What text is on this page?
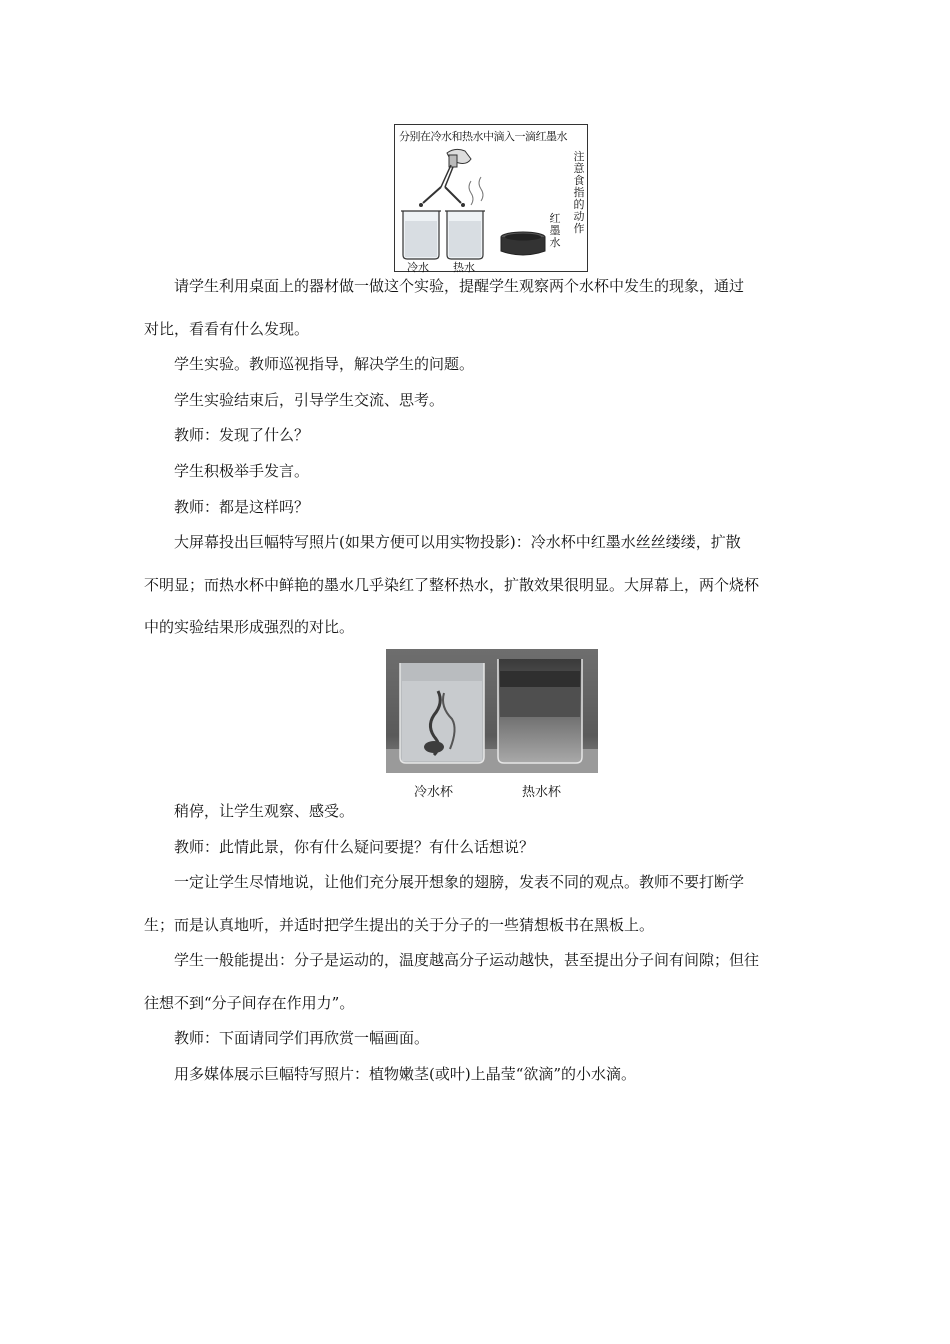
分别在冷水和热水中滴入一滴红墨水
注意食指的动作
红墨水
冷水 热水

请学生利用桌面上的器材做一做这个实验，提醒学生观察两个水杯中发生的现象，通过

对比，看看有什么发现。

学生实验。教师巡视指导，解决学生的问题。

学生实验结束后，引导学生交流、思考。

教师：发现了什么？

学生积极举手发言。

教师：都是这样吗？

大屏幕投出巨幅特写照片(如果方便可以用实物投影)：冷水杯中红墨水丝丝缕缕，扩散

不明显；而热水杯中鲜艳的墨水几乎染红了整杯热水，扩散效果很明显。大屏幕上，两个烧杯

中的实验结果形成强烈的对比。

冷水杯	热水杯

稍停，让学生观察、感受。

教师：此情此景，你有什么疑问要提？有什么话想说？

一定让学生尽情地说，让他们充分展开想象的翅膀，发表不同的观点。教师不要打断学

生；而是认真地听，并适时把学生提出的关于分子的一些猜想板书在黑板上。

学生一般能提出：分子是运动的，温度越高分子运动越快，甚至提出分子间有间隙；但往

往想不到“分子间存在作用力”。

教师：下面请同学们再欣赏一幅画面。

用多媒体展示巨幅特写照片：植物嫩茎(或叶)上晶莹“欲滴”的小水滴。
